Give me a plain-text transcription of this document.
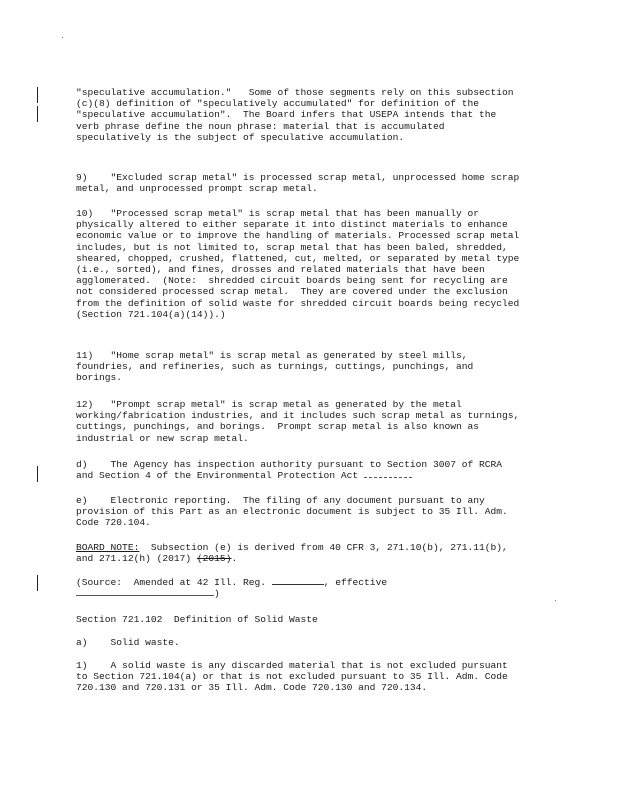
"speculative accumulation."   Some of those segments rely on this subsection (c)(8) definition of "speculatively accumulated" for definition of the "speculative accumulation".  The Board infers that USEPA intends that the verb phrase define the noun phrase: material that is accumulated speculatively is the subject of speculative accumulation.

9)    "Excluded scrap metal" is processed scrap metal, unprocessed home scrap metal, and unprocessed prompt scrap metal.

10)   "Processed scrap metal" is scrap metal that has been manually or physically altered to either separate it into distinct materials to enhance economic value or to improve the handling of materials. Processed scrap metal includes, but is not limited to, scrap metal that has been baled, shredded, sheared, chopped, crushed, flattened, cut, melted, or separated by metal type (i.e., sorted), and fines, drosses and related materials that have been agglomerated.  (Note:  shredded circuit boards being sent for recycling are not considered processed scrap metal.  They are covered under the exclusion from the definition of solid waste for shredded circuit boards being recycled (Section 721.104(a)(14)).)

11)   "Home scrap metal" is scrap metal as generated by steel mills, foundries, and refineries, such as turnings, cuttings, punchings, and borings.

12)   "Prompt scrap metal" is scrap metal as generated by the metal working/fabrication industries, and it includes such scrap metal as turnings, cuttings, punchings, and borings.  Prompt scrap metal is also known as industrial or new scrap metal.

d)    The Agency has inspection authority pursuant to Section 3007 of RCRA and Section 4 of the Environmental Protection Act

e)    Electronic reporting.  The filing of any document pursuant to any provision of this Part as an electronic document is subject to 35 Ill. Adm. Code 720.104.

BOARD NOTE:  Subsection (e) is derived from 40 CFR 3, 271.10(b), 271.11(b), and 271.12(h) (2017) (2015).

(Source:  Amended at 42 Ill. Reg.	, effective
)

Section 721.102  Definition of Solid Waste

a)    Solid waste.

1)    A solid waste is any discarded material that is not excluded pursuant to Section 721.104(a) or that is not excluded pursuant to 35 Ill. Adm. Code 720.130 and 720.131 or 35 Ill. Adm. Code 720.130 and 720.134.
